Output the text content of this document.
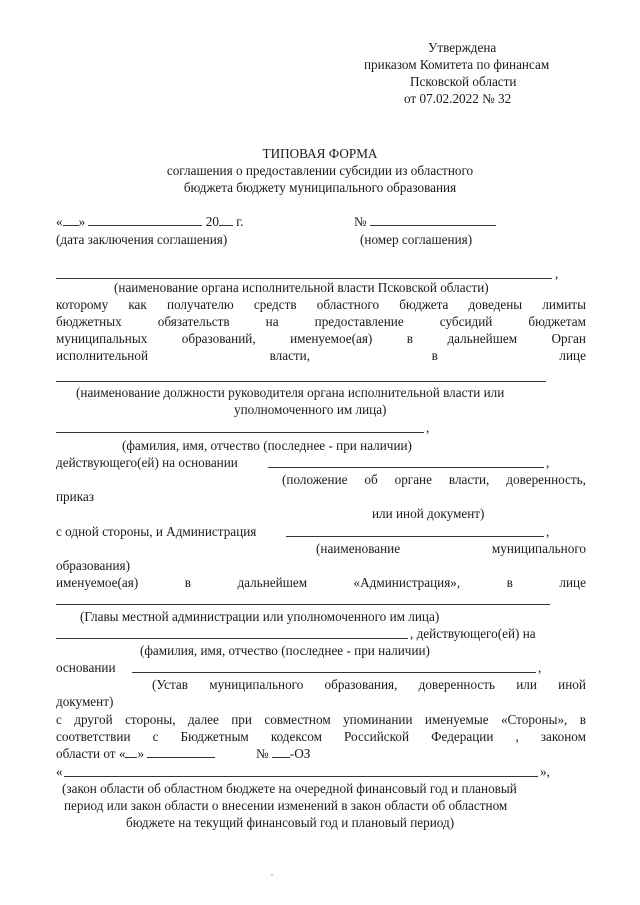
Утверждена
приказом Комитета по финансам
Псковской области
от 07.02.2022 № 32
ТИПОВАЯ ФОРМА
соглашения о предоставлении субсидии из областного
бюджета бюджету муниципального образования
« »	20 г.	№
(дата заключения соглашения)	(номер соглашения)
,
(наименование органа исполнительной власти Псковской области)
которому как получателю средств областного бюджета доведены лимиты
бюджетных	обязательств	на	предоставление	субсидий	бюджетам
муниципальных	образований,	именуемое(ая)	в	дальнейшем	Орган
исполнительной	власти,	в	лице
(наименование должности руководителя органа исполнительной власти или
уполномоченного им лица)
,
(фамилия, имя, отчество (последнее - при наличии)
действующего(ей) на основании	,
(положение об органе власти, доверенность,
приказ
или иной документ)
с одной стороны, и Администрация	,
(наименование	муниципального
образования)
именуемое(ая)	в	дальнейшем	«Администрация»,	в	лице
(Главы местной администрации или уполномоченного им лица)
, действующего(ей) на
(фамилия, имя, отчество (последнее - при наличии)
основании	,
(Устав муниципального образования, доверенность или иной
документ)
с другой стороны, далее при совместном упоминании именуемые «Стороны», в
соответствии с Бюджетным кодексом Российской Федерации , законом
области от « »	№ -ОЗ
«	»,
(закон области об областном бюджете на очередной финансовый год и плановый
период или закон области о внесении изменений в закон области об областном
бюджете на текущий финансовый год и плановый период)
